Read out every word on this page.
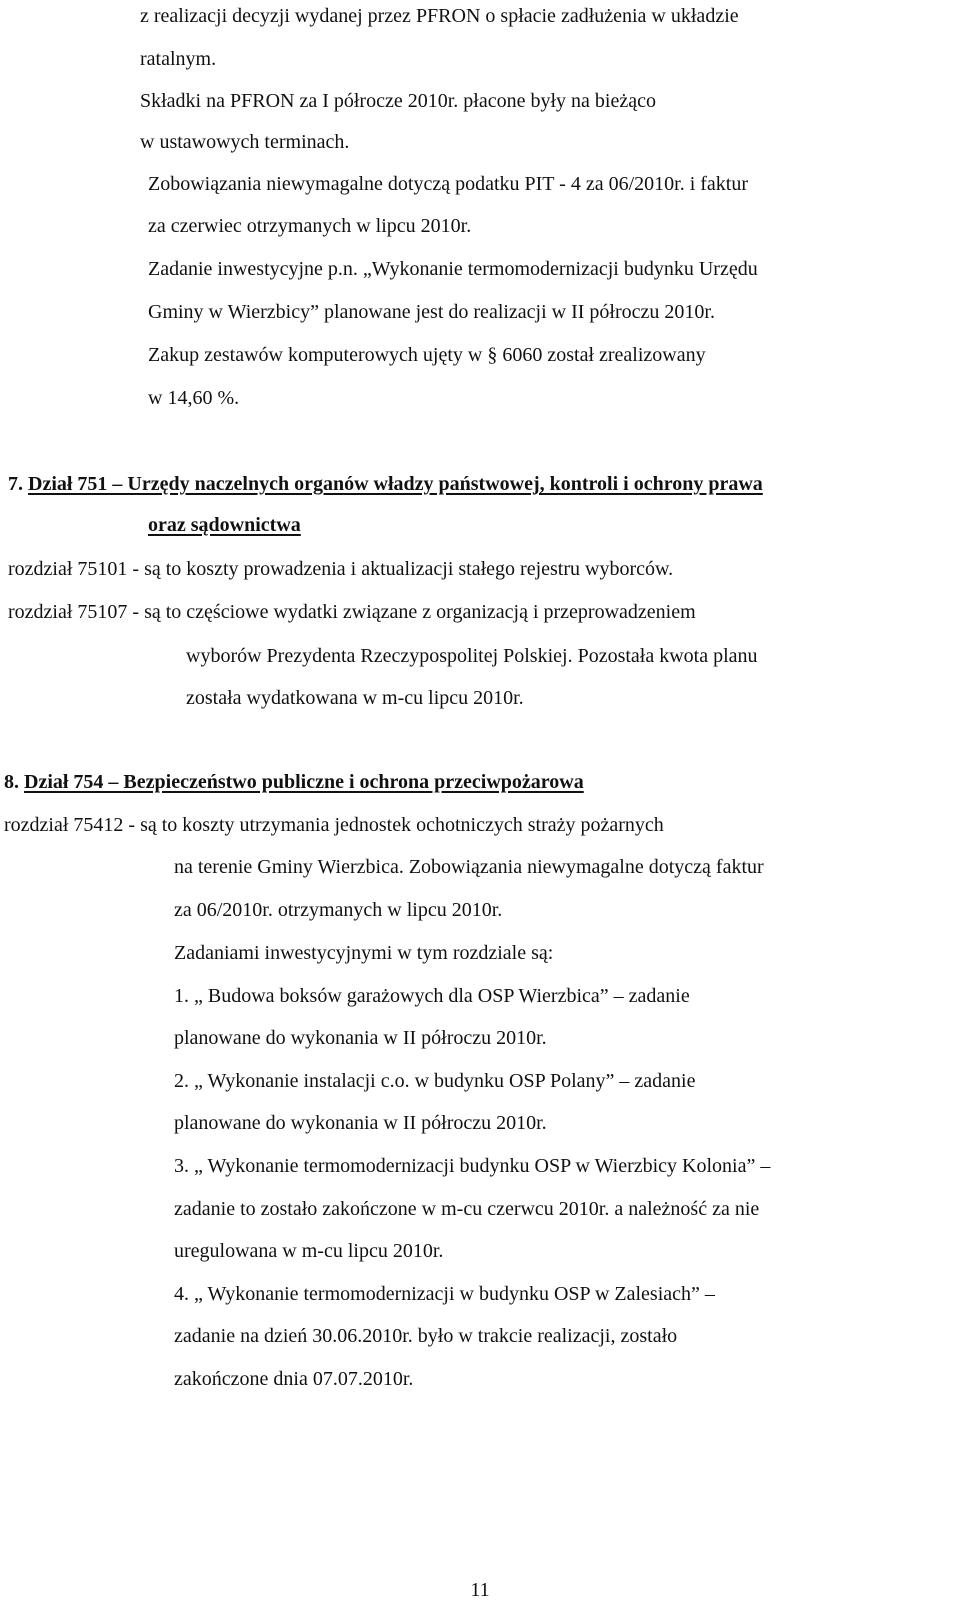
z realizacji decyzji wydanej przez PFRON o spłacie zadłużenia w układzie
ratalnym.
Składki na PFRON za I półrocze 2010r. płacone były na bieżąco
w ustawowych terminach.
Zobowiązania niewymagalne dotyczą podatku PIT - 4 za 06/2010r. i faktur
za czerwiec otrzymanych w lipcu 2010r.
Zadanie inwestycyjne p.n. „Wykonanie termomodernizacji budynku Urzędu
Gminy w Wierzbicy” planowane jest do realizacji w II półroczu 2010r.
Zakup zestawów komputerowych ujęty w § 6060 został zrealizowany
w 14,60 %.
7. Dział 751 – Urzędy naczelnych organów władzy państwowej, kontroli i ochrony prawa
oraz sądownictwa
rozdział 75101 - są to koszty prowadzenia i aktualizacji stałego rejestru wyborców.
rozdział 75107 - są to częściowe wydatki związane z organizacją i przeprowadzeniem
wyborów Prezydenta Rzeczypospolitej Polskiej. Pozostała kwota planu
została wydatkowana w m-cu lipcu 2010r.
8. Dział 754 – Bezpieczeństwo publiczne i ochrona przeciwpożarowa
rozdział 75412 - są to koszty utrzymania jednostek ochotniczych straży pożarnych
na terenie Gminy Wierzbica. Zobowiązania niewymagalne dotyczą faktur
za 06/2010r. otrzymanych w lipcu 2010r.
Zadaniami inwestycyjnymi w tym rozdziale są:
1. „ Budowa boksów garażowych dla OSP Wierzbica” – zadanie
planowane do wykonania w II półroczu 2010r.
2. „ Wykonanie instalacji c.o. w budynku OSP Polany” – zadanie
planowane do wykonania w II półroczu 2010r.
3. „ Wykonanie termomodernizacji budynku OSP w Wierzbicy Kolonia” –
zadanie to zostało zakończone w m-cu czerwcu 2010r. a należność za nie
uregulowana w m-cu lipcu 2010r.
4. „ Wykonanie termomodernizacji w budynku OSP w Zalesiach” –
zadanie na dzień 30.06.2010r. było w trakcie realizacji, zostało
zakończone dnia 07.07.2010r.
11
